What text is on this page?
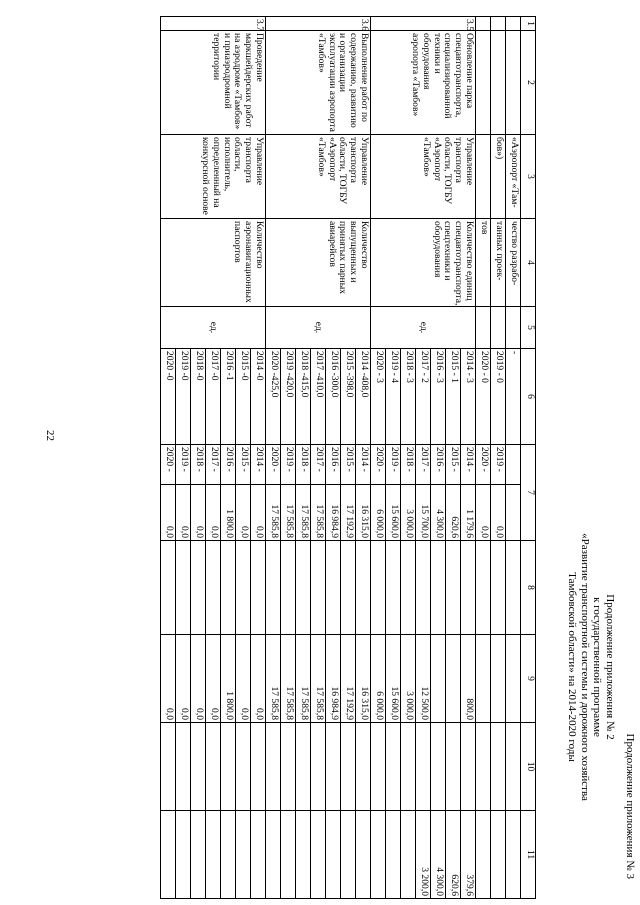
Продолжение приложения № 3
Продолжение приложения № 2
к государственной программе
«Развитие транспортной системы и дорожного хозяйства
Тамбовской области» на 2014-2020 годы
22
1	2	3	4	5	6	7		8	9	10	11
		«Аэропорт «Там-	чество разрабо-		-						
		бов»)	танных проек-		2019 - 0	2019 -	0,0				
			тов		2020 - 0	2020 -	0,0				
3.5	Обновление парка спецавтотранспорта, специализированной техники и оборудования аэропорта «Тамбов»	Управление транспорта области, ТОГБУ «Аэропорт «Тамбов»	Количество единиц спецавтотранспорта, спецтехники и оборудования	ед.	2014 - 3	2014 -	1 179,6		800,0		379,6
					2015 - 1	2015 -	620,6				620,6
					2016 - 3	2016 -	4 300,0				4 300,0
					2017 - 2	2017 -	15 700,0		12 500,0		3 200,0
					2018 - 3	2018 -	3 000,0		3 000,0		
					2019 - 4	2019 -	15 600,0		15 600,0		
					2020 - 3	2020 -	6 000,0		6 000,0		
3.6	Выполнение работ по содержанию, развитию и организации эксплуатации аэропорта «Тамбов»	Управление транспорта области, ТОГБУ «Аэропорт «Тамбов»	Количество выпущенных и принятых парных авиарейсов	ед.	2014 -408,0	2014 -	16 315,0		16 315,0		
					2015 -398,0	2015 -	17 192,9		17 192,9		
					2016 -300,0	2016 -	16 984,9		16 984,9		
					2017 -410,0	2017 -	17 585,8		17 585,8		
					2018 -415,0	2018 -	17 585,8		17 585,8		
					2019 -420,0	2019 -	17 585,8		17 585,8		
					2020 -425,0	2020 -	17 585,8		17 585,8		
3.7	Проведение маркшейдерских работ на аэродроме «Тамбов» и приаэродромной территории	Управление транспорта области, исполнитель, определенный на конкурсной основе	Количество аэронавигационных паспортов	ед.	2014 -0	2014 -	0,0		0,0		
					2015 -0	2015 -	0,0		0,0		
					2016 -1	2016 -	1 800,0		1 800,0		
					2017 -0	2017 -	0,0		0,0		
					2018 -0	2018 -	0,0		0,0		
					2019 -0	2019 -	0,0		0,0		
					2020 -0	2020 -	0,0		0,0		
